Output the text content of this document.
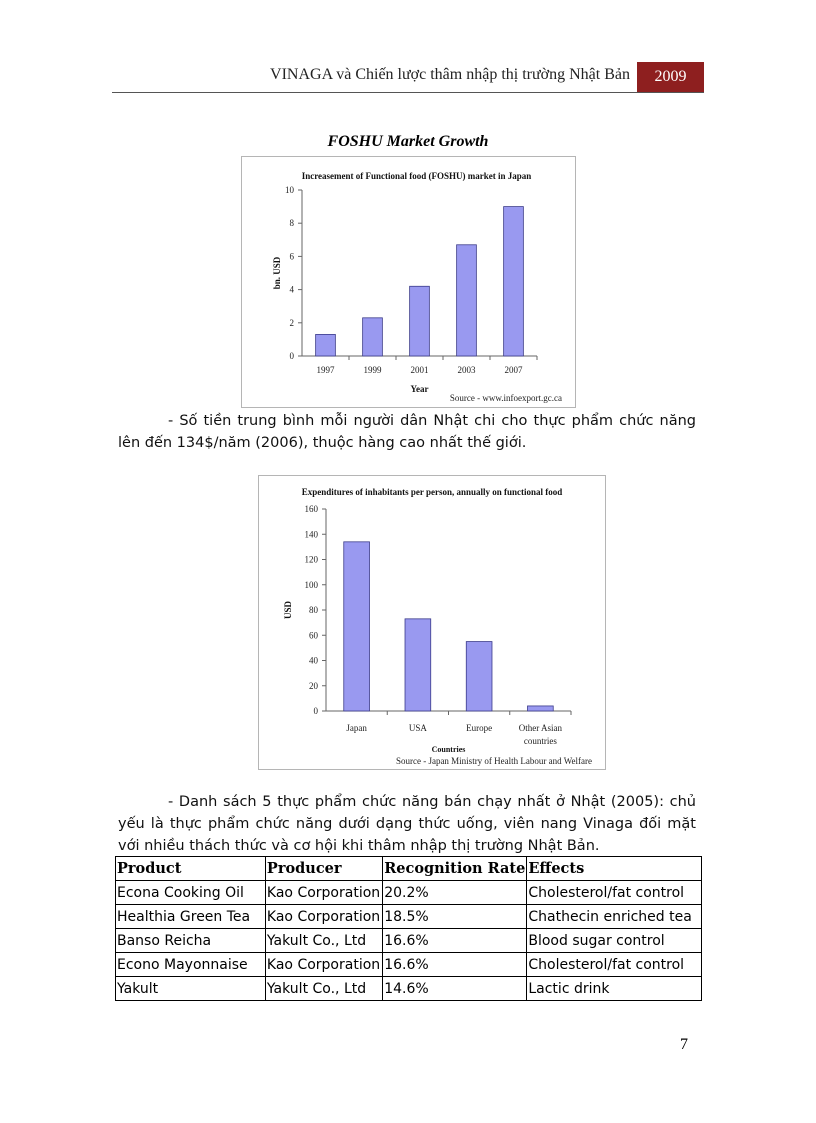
VINAGA và Chiến lược thâm nhập thị trường Nhật Bản	2009
FOSHU Market Growth
Increasement of Functional food (FOSHU) market in Japan
0
2
4
6
8
10
1997	1999	2001	2003	2007
Year
bn. USD
Source - www.infoexport.gc.ca

- Số tiền trung bình mỗi người dân Nhật chi cho thực phẩm chức năng lên đến 134$/năm (2006), thuộc hàng cao nhất thế giới.

Expenditures of inhabitants per person, annually on functional food
0
20
40
60
80
100
120
140
160
Japan	USA	Europe	Other Asian countries
Countries
USD
Source - Japan Ministry of Health Labour and Welfare

- Danh sách 5 thực phẩm chức năng bán chạy nhất ở Nhật (2005): chủ yếu là thực phẩm chức năng dưới dạng thức uống, viên nang Vinaga đối mặt với nhiều thách thức và cơ hội khi thâm nhập thị trường Nhật Bản.

Product	Producer	Recognition Rate	Effects
Econa Cooking Oil	Kao Corporation	20.2%	Cholesterol/fat control
Healthia Green Tea	Kao Corporation	18.5%	Chathecin enriched tea
Banso Reicha	Yakult Co., Ltd	16.6%	Blood sugar control
Econo Mayonnaise	Kao Corporation	16.6%	Cholesterol/fat control
Yakult	Yakult Co., Ltd	14.6%	Lactic drink
7
